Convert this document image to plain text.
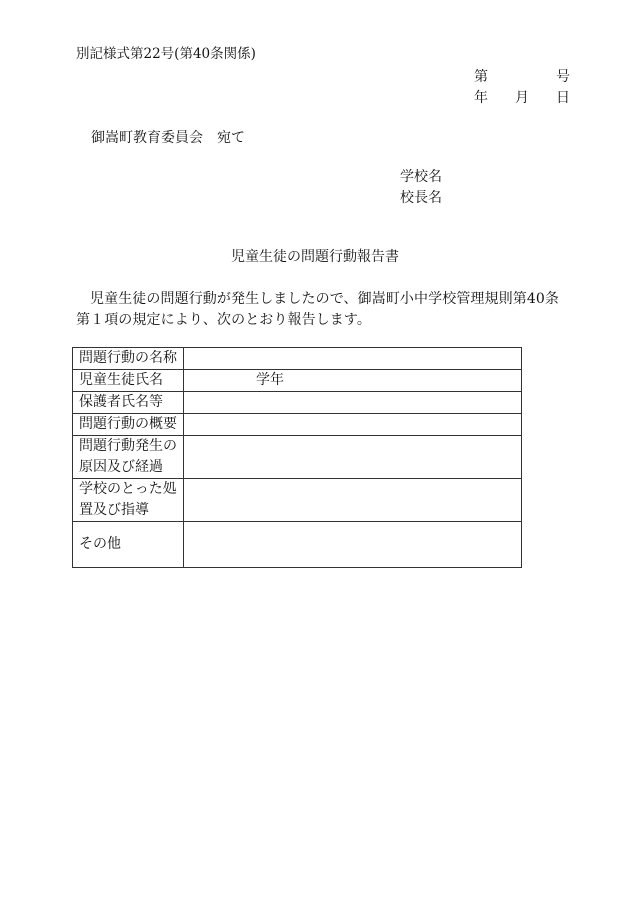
別記様式第22号(第40条関係)
第	号
年 月 日
御嵩町教育委員会　宛て
学校名
校長名
児童生徒の問題行動報告書
児童生徒の問題行動が発生しましたので、御嵩町小中学校管理規則第40条第１項の規定により、次のとおり報告します。
問題行動の名称	
児童生徒氏名	学年
保護者氏名等	
問題行動の概要	
問題行動発生の原因及び経過	
学校のとった処置及び指導	
その他	
